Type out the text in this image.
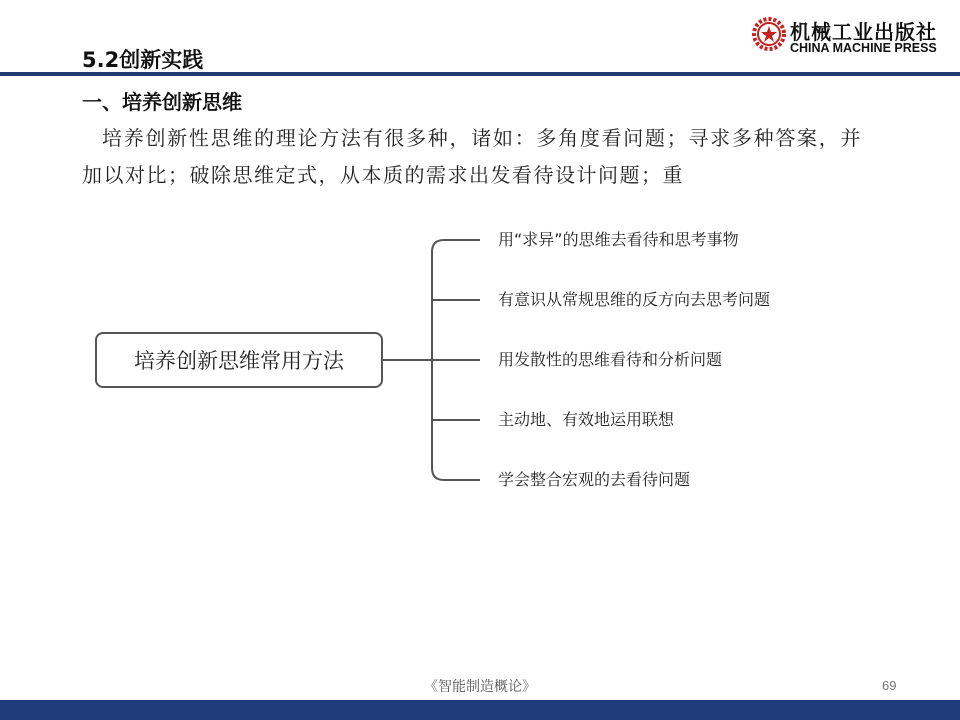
5.2创新实践
机械工业出版社
CHINA MACHINE PRESS
一、培养创新思维
培养创新性思维的理论方法有很多种，诸如：多角度看问题；寻求多种答案，并加以对比；破除思维定式，从本质的需求出发看待设计问题；重
培养创新思维常用方法
用“求异”的思维去看待和思考事物
有意识从常规思维的反方向去思考问题
用发散性的思维看待和分析问题
主动地、有效地运用联想
学会整合宏观的去看待问题
《智能制造概论》	69
